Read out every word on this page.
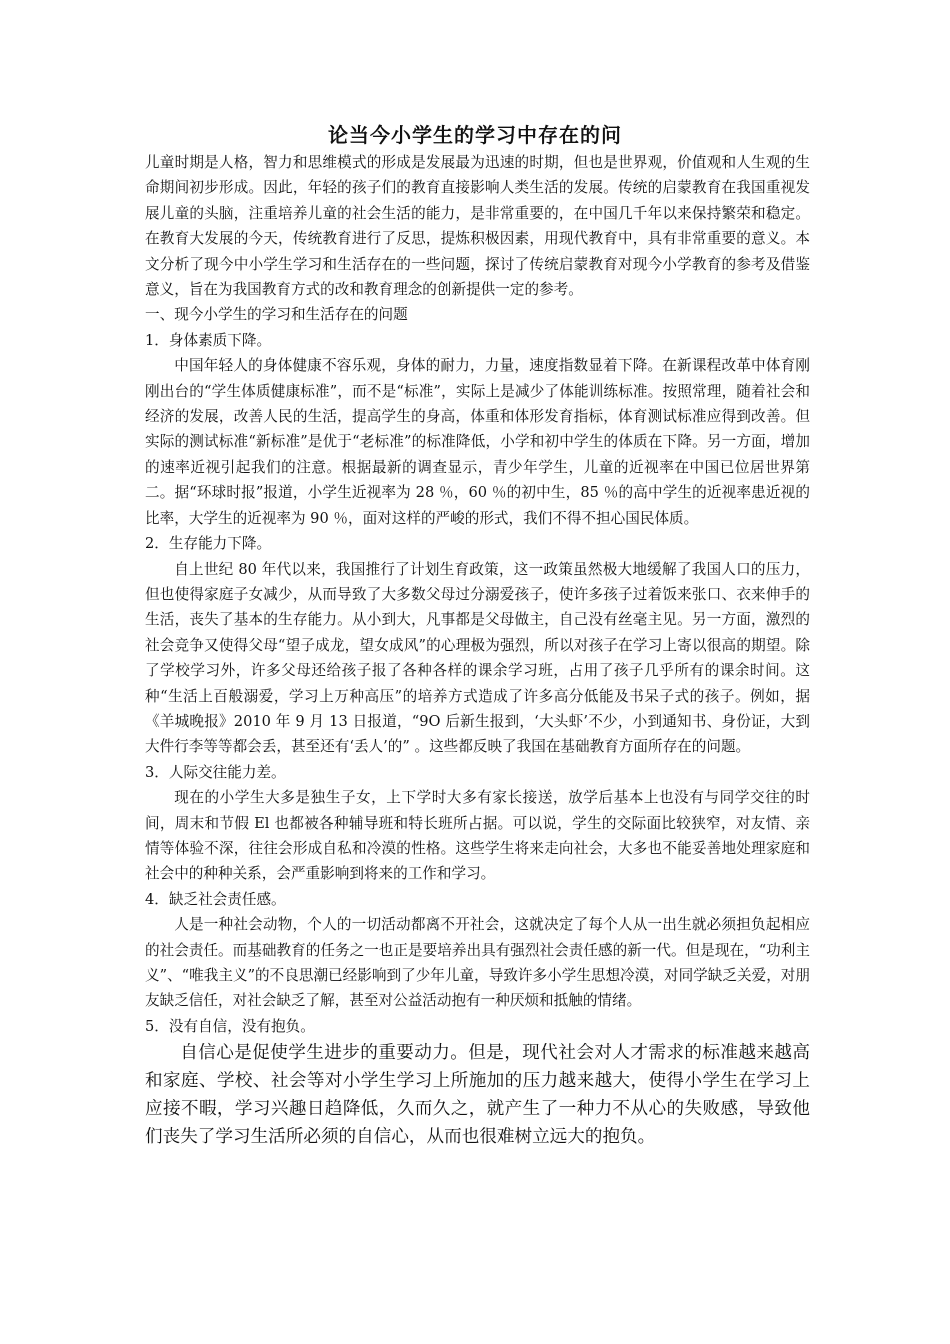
论当今小学生的学习中存在的问

儿童时期是人格，智力和思维模式的形成是发展最为迅速的时期，但也是世界观，价值观和人生观的生命期间初步形成。因此，年轻的孩子们的教育直接影响人类生活的发展。传统的启蒙教育在我国重视发展儿童的头脑，注重培养儿童的社会生活的能力，是非常重要的，在中国几千年以来保持繁荣和稳定。在教育大发展的今天，传统教育进行了反思，提炼积极因素，用现代教育中，具有非常重要的意义。本文分析了现今中小学生学习和生活存在的一些问题，探讨了传统启蒙教育对现今小学教育的参考及借鉴意义，旨在为我国教育方式的改和教育理念的创新提供一定的参考。

一、现今小学生的学习和生活存在的问题

1．身体素质下降。

中国年轻人的身体健康不容乐观，身体的耐力，力量，速度指数显着下降。在新课程改革中体育刚刚出台的“学生体质健康标准”，而不是“标准”，实际上是减少了体能训练标准。按照常理，随着社会和经济的发展，改善人民的生活，提高学生的身高，体重和体形发育指标，体育测试标准应得到改善。但实际的测试标准“新标准”是优于“老标准”的标准降低，小学和初中学生的体质在下降。另一方面，增加的速率近视引起我们的注意。根据最新的调查显示，青少年学生，儿童的近视率在中国已位居世界第二。据“环球时报”报道，小学生近视率为 28 ％，60 ％的初中生，85 ％的高中学生的近视率患近视的比率，大学生的近视率为 90 ％，面对这样的严峻的形式，我们不得不担心国民体质。

2．生存能力下降。

自上世纪 80 年代以来，我国推行了计划生育政策，这一政策虽然极大地缓解了我国人口的压力，但也使得家庭子女减少，从而导致了大多数父母过分溺爱孩子，使许多孩子过着饭来张口、衣来伸手的生活，丧失了基本的生存能力。从小到大，凡事都是父母做主，自己没有丝毫主见。另一方面，激烈的社会竞争又使得父母“望子成龙，望女成风”的心理极为强烈，所以对孩子在学习上寄以很高的期望。除了学校学习外，许多父母还给孩子报了各种各样的课余学习班，占用了孩子几乎所有的课余时间。这种“生活上百般溺爱，学习上万种高压”的培养方式造成了许多高分低能及书呆子式的孩子。例如，据《羊城晚报》2010 年 9 月 13 日报道，“9O 后新生报到，‘大头虾’不少，小到通知书、身份证，大到大件行李等等都会丢，甚至还有‘丢人’的” 。这些都反映了我国在基础教育方面所存在的问题。

3．人际交往能力差。

现在的小学生大多是独生子女，上下学时大多有家长接送，放学后基本上也没有与同学交往的时间，周末和节假 El 也都被各种辅导班和特长班所占据。可以说，学生的交际面比较狭窄，对友情、亲情等体验不深，往往会形成自私和冷漠的性格。这些学生将来走向社会，大多也不能妥善地处理家庭和社会中的种种关系，会严重影响到将来的工作和学习。

4．缺乏社会责任感。

人是一种社会动物，个人的一切活动都离不开社会，这就决定了每个人从一出生就必须担负起相应的社会责任。而基础教育的任务之一也正是要培养出具有强烈社会责任感的新一代。但是现在，“功利主义”、“唯我主义”的不良思潮已经影响到了少年儿童，导致许多小学生思想冷漠，对同学缺乏关爱，对朋友缺乏信任，对社会缺乏了解，甚至对公益活动抱有一种厌烦和抵触的情绪。

5．没有自信，没有抱负。

自信心是促使学生进步的重要动力。但是，现代社会对人才需求的标准越来越高和家庭、学校、社会等对小学生学习上所施加的压力越来越大，使得小学生在学习上应接不暇，学习兴趣日趋降低，久而久之，就产生了一种力不从心的失败感，导致他们丧失了学习生活所必须的自信心，从而也很难树立远大的抱负。
